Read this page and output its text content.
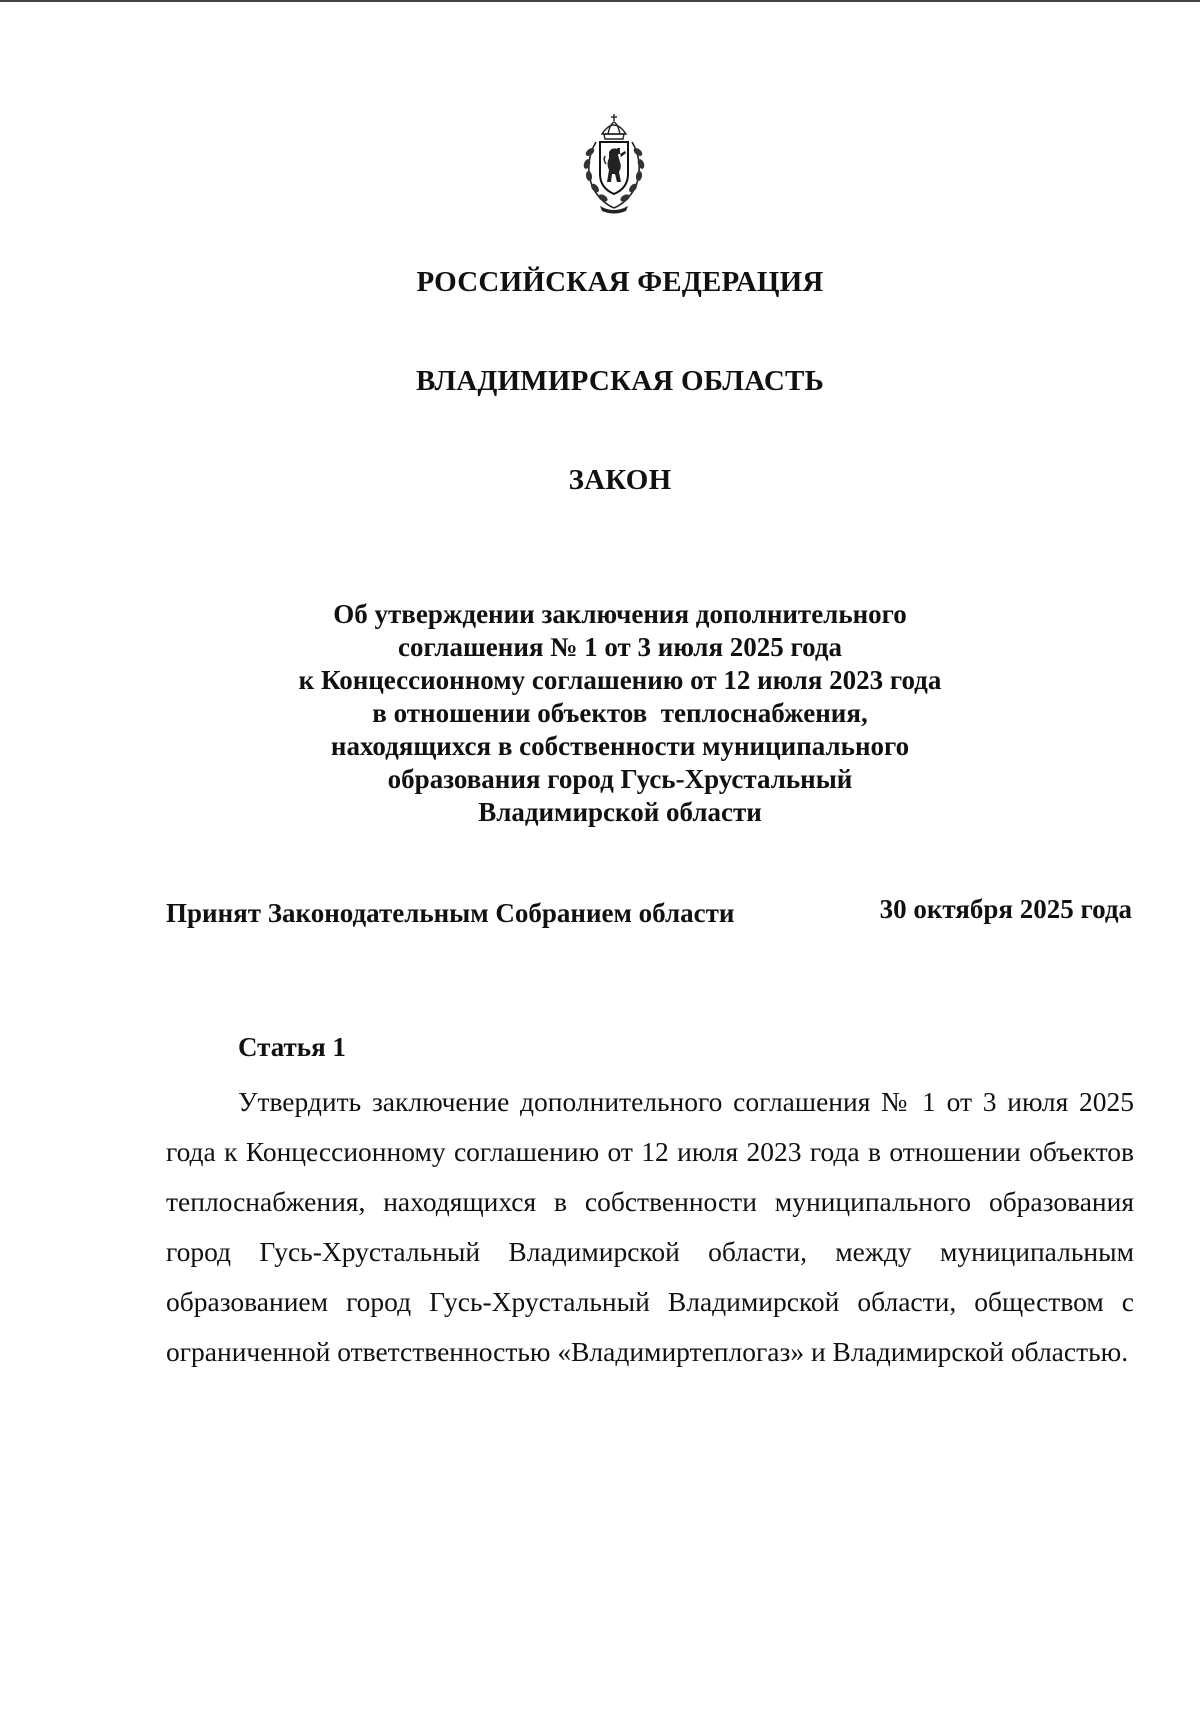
РОССИЙСКАЯ ФЕДЕРАЦИЯ
ВЛАДИМИРСКАЯ ОБЛАСТЬ
ЗАКОН
Об утверждении заключения дополнительного
соглашения № 1 от 3 июля 2025 года
к Концессионному соглашению от 12 июля 2023 года
в отношении объектов  теплоснабжения,
находящихся в собственности муниципального
образования город Гусь-Хрустальный
Владимирской области
Принят Законодательным Собранием области	30 октября 2025 года
Статья 1
Утвердить заключение дополнительного соглашения № 1 от 3 июля 2025 года к Концессионному соглашению от 12 июля 2023 года в отношении объектов теплоснабжения, находящихся в собственности муниципального образования город Гусь-Хрустальный Владимирской области, между муниципальным образованием город Гусь-Хрустальный Владимирской области, обществом с ограниченной ответственностью «Владимиртеплогаз» и Владимирской областью.
